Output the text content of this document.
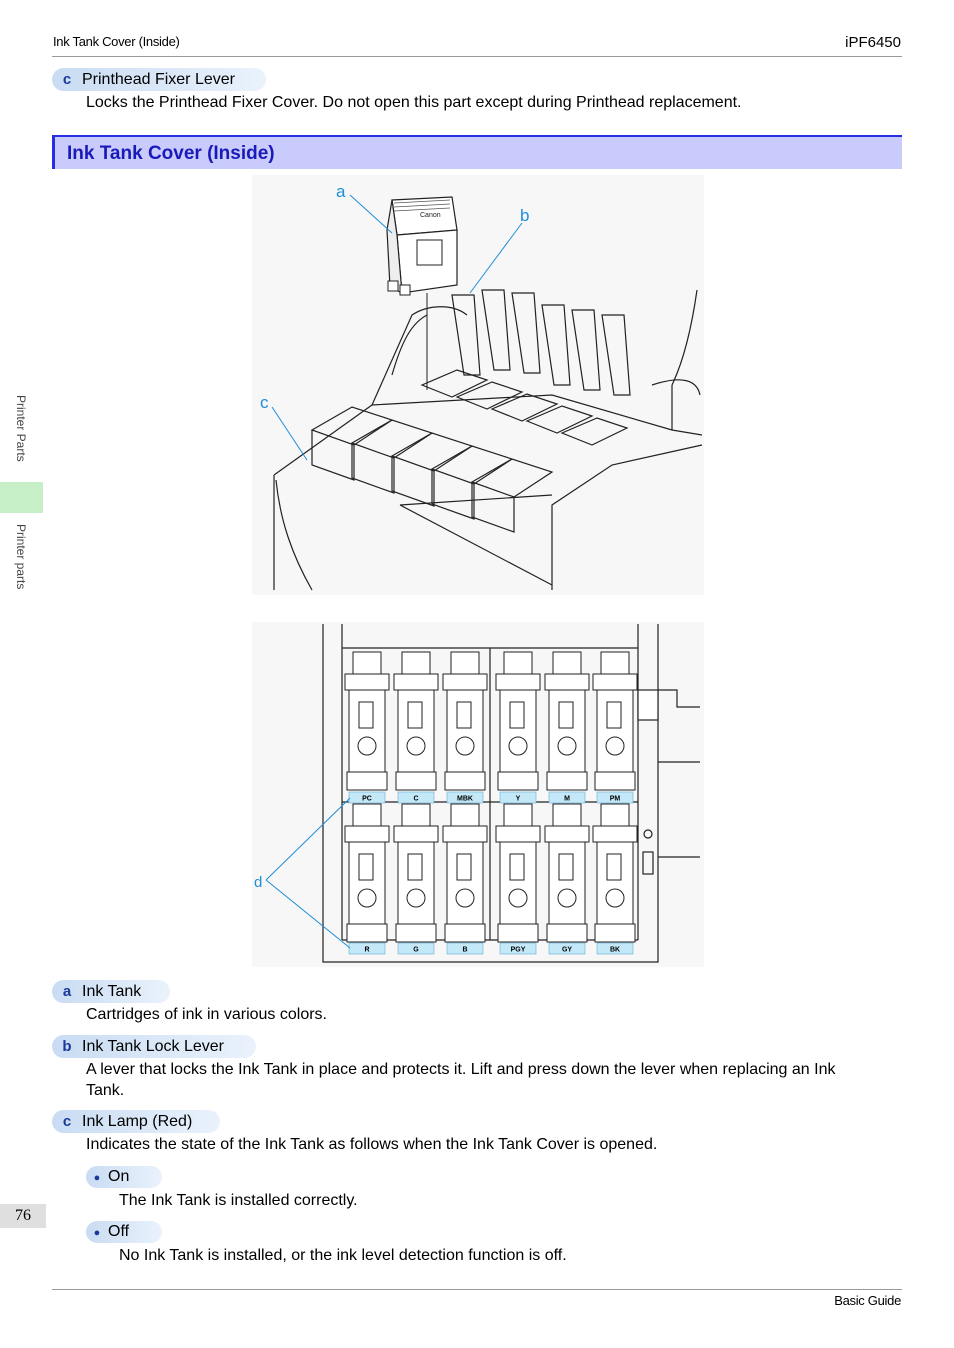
Ink Tank Cover (Inside)	iPF6450
c Printhead Fixer Lever
Locks the Printhead Fixer Cover. Do not open this part except during Printhead replacement.
Ink Tank Cover (Inside)
Canon
a
b
c
PC
R
C
G
MBK
B
Y
PGY
M
GY
PM
BK
d
a Ink Tank
Cartridges of ink in various colors.
b Ink Tank Lock Lever
A lever that locks the Ink Tank in place and protects it. Lift and press down the lever when replacing an Ink
Tank.
c Ink Lamp (Red)
Indicates the state of the Ink Tank as follows when the Ink Tank Cover is opened.
● On
The Ink Tank is installed correctly.
● Off
No Ink Tank is installed, or the ink level detection function is off.
Printer Parts
Printer parts
76
Basic Guide
